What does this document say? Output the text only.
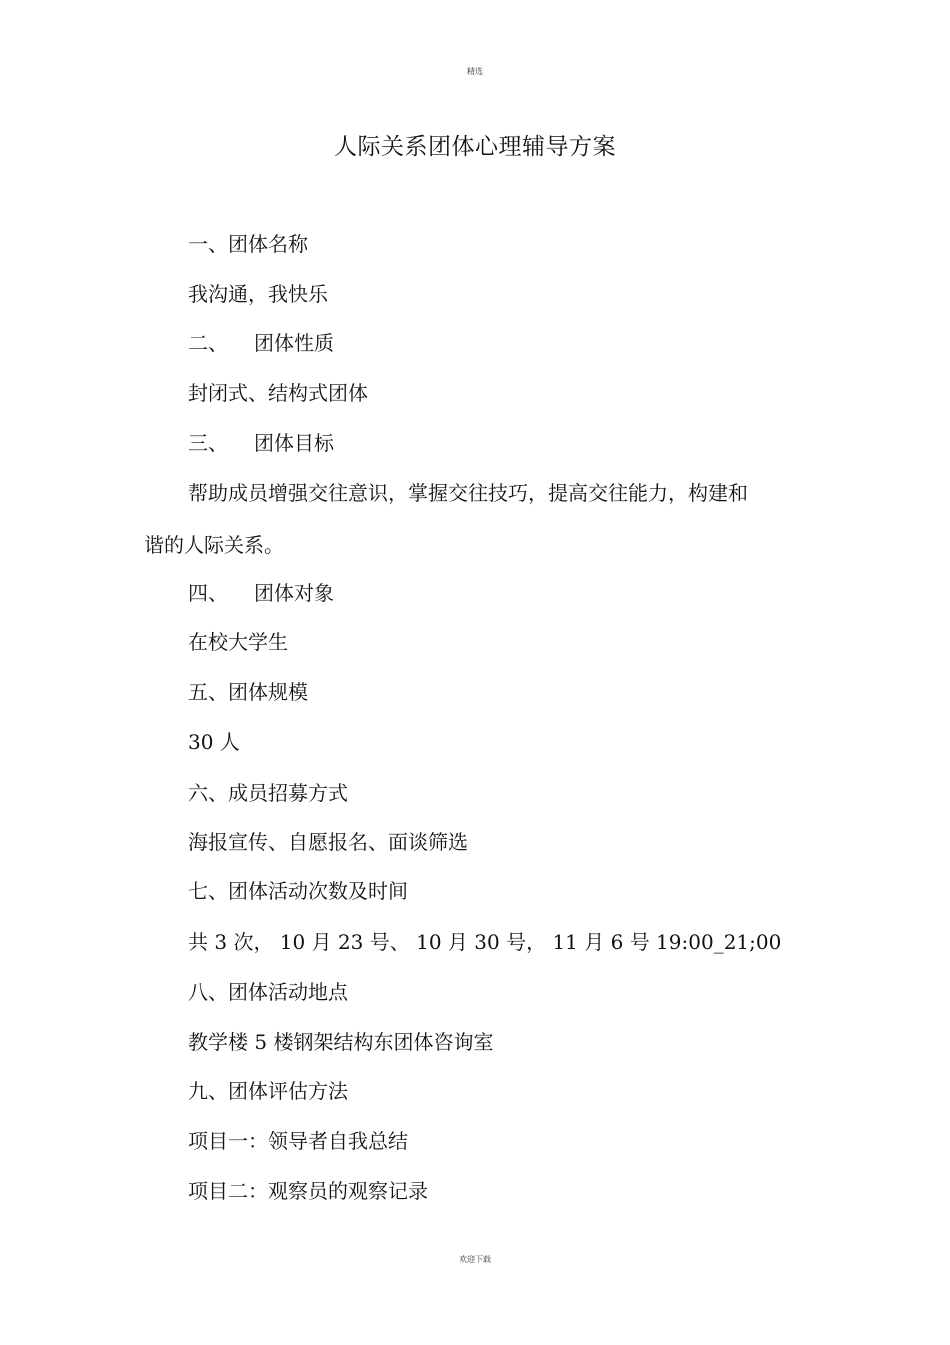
精选
人际关系团体心理辅导方案
一、团体名称
我沟通，我快乐
二、 团体性质
封闭式、结构式团体
三、 团体目标
帮助成员增强交往意识，掌握交往技巧，提高交往能力，构建和
谐的人际关系。
四、 团体对象
在校大学生
五、团体规模
30 人
六、成员招募方式
海报宣传、自愿报名、面谈筛选
七、团体活动次数及时间
共 3 次， 10 月 23 号、 10 月 30 号， 11 月 6 号 19:00_21;00
八、团体活动地点
教学楼 5 楼钢架结构东团体咨询室
九、团体评估方法
项目一：领导者自我总结
项目二：观察员的观察记录
欢迎下载
